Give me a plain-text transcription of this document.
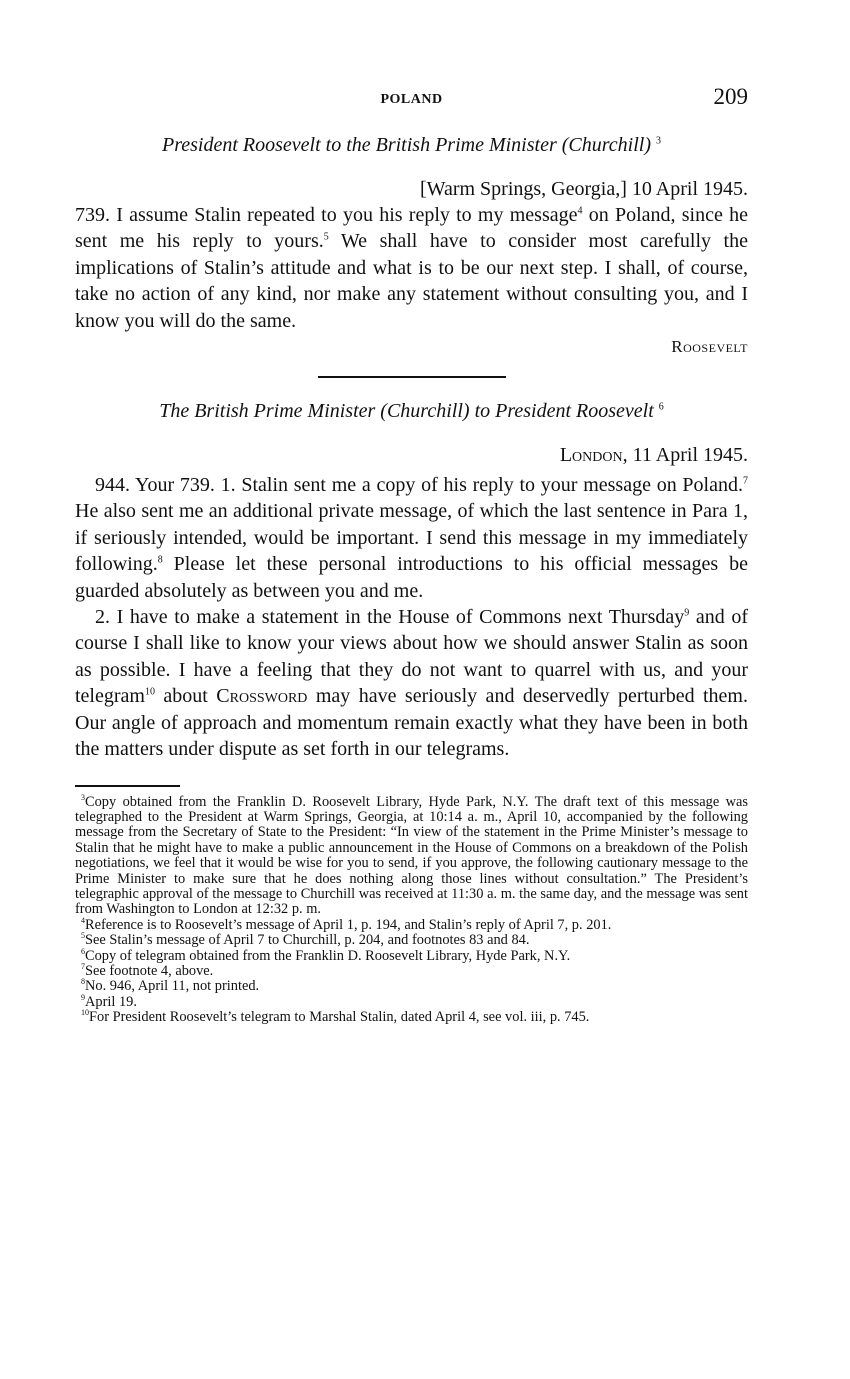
POLAND	209

President Roosevelt to the British Prime Minister (Churchill) $^3$

[Warm Springs, Georgia,] 10 April 1945.

739. I assume Stalin repeated to you his reply to my message$^4$ on Poland, since he sent me his reply to yours.$^5$ We shall have to consider most carefully the implications of Stalin’s attitude and what is to be our next step. I shall, of course, take no action of any kind, nor make any statement without consulting you, and I know you will do the same.

Roosevelt

The British Prime Minister (Churchill) to President Roosevelt $^6$

London, 11 April 1945.

944. Your 739. 1. Stalin sent me a copy of his reply to your message on Poland.$^7$ He also sent me an additional private message, of which the last sentence in Para 1, if seriously intended, would be important. I send this message in my immediately following.$^8$ Please let these personal introductions to his official messages be guarded absolutely as between you and me.

2. I have to make a statement in the House of Commons next Thursday$^9$ and of course I shall like to know your views about how we should answer Stalin as soon as possible. I have a feeling that they do not want to quarrel with us, and your telegram$^{10}$ about Crossword may have seriously and deservedly perturbed them. Our angle of approach and momentum remain exactly what they have been in both the matters under dispute as set forth in our telegrams.

$^3$Copy obtained from the Franklin D. Roosevelt Library, Hyde Park, N.Y. The draft text of this message was telegraphed to the President at Warm Springs, Georgia, at 10:14 a. m., April 10, accompanied by the following message from the Secretary of State to the President: “In view of the statement in the Prime Minister’s message to Stalin that he might have to make a public announcement in the House of Commons on a breakdown of the Polish negotiations, we feel that it would be wise for you to send, if you approve, the following cautionary message to the Prime Minister to make sure that he does nothing along those lines without consultation.” The President’s telegraphic approval of the message to Churchill was received at 11:30 a. m. the same day, and the message was sent from Washington to London at 12:32 p. m.

$^4$Reference is to Roosevelt’s message of April 1, p. 194, and Stalin’s reply of April 7, p. 201.

$^5$See Stalin’s message of April 7 to Churchill, p. 204, and footnotes 83 and 84.

$^6$Copy of telegram obtained from the Franklin D. Roosevelt Library, Hyde Park, N.Y.

$^7$See footnote 4, above.

$^8$No. 946, April 11, not printed.

$^9$April 19.

$^{10}$For President Roosevelt’s telegram to Marshal Stalin, dated April 4, see vol. iii, p. 745.
